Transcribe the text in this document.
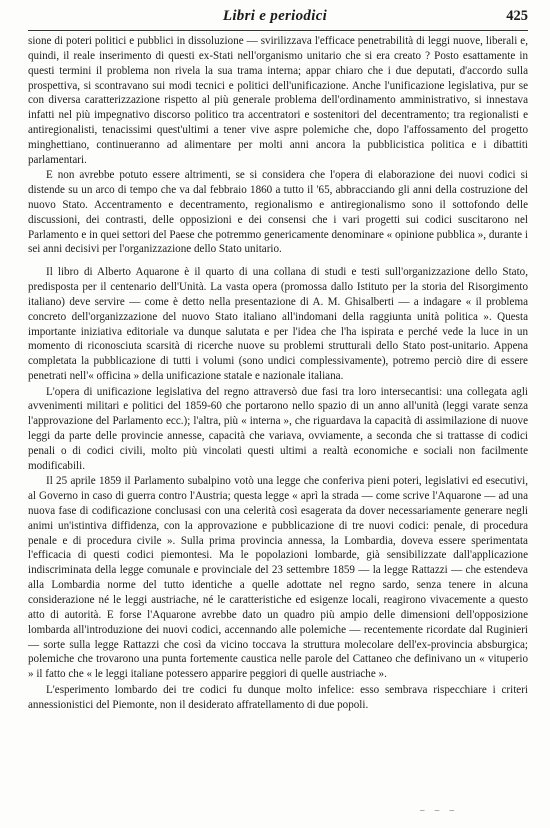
Libri e periodici	425

sione di poteri politici e pubblici in dissoluzione — svirilizzava l'efficace penetrabilità di leggi nuove, liberali e, quindi, il reale inserimento di questi ex-Stati nell'organismo unitario che si era creato ? Posto esattamente in questi termini il problema non rivela la sua trama interna; appar chiaro che i due deputati, d'accordo sulla prospettiva, si scontravano sui modi tecnici e politici dell'unificazione. Anche l'unificazione legislativa, pur se con diversa caratterizzazione rispetto al più generale problema dell'ordinamento amministrativo, si innestava infatti nel più impegnativo discorso politico tra accentratori e sostenitori del decentramento; tra regionalisti e antiregionalisti, tenacissimi quest'ultimi a tener vive aspre polemiche che, dopo l'affossamento del progetto minghettiano, continueranno ad alimentare per molti anni ancora la pubblicistica politica e i dibattiti parlamentari.

E non avrebbe potuto essere altrimenti, se si considera che l'opera di elaborazione dei nuovi codici si distende su un arco di tempo che va dal febbraio 1860 a tutto il '65, abbracciando gli anni della costruzione del nuovo Stato. Accentramento e decentramento, regionalismo e antiregionalismo sono il sottofondo delle discussioni, dei contrasti, delle opposizioni e dei consensi che i vari progetti sui codici suscitarono nel Parlamento e in quei settori del Paese che potremmo genericamente denominare « opinione pubblica », durante i sei anni decisivi per l'organizzazione dello Stato unitario.

Il libro di Alberto Aquarone è il quarto di una collana di studi e testi sull'organizzazione dello Stato, predisposta per il centenario dell'Unità. La vasta opera (promossa dallo Istituto per la storia del Risorgimento italiano) deve servire — come è detto nella presentazione di A. M. Ghisalberti — a indagare « il problema concreto dell'organizzazione del nuovo Stato italiano all'indomani della raggiunta unità politica ». Questa importante iniziativa editoriale va dunque salutata e per l'idea che l'ha ispirata e perché vede la luce in un momento di riconosciuta scarsità di ricerche nuove su problemi strutturali dello Stato post-unitario. Appena completata la pubblicazione di tutti i volumi (sono undici complessivamente), potremo perciò dire di essere penetrati nell'« officina » della unificazione statale e nazionale italiana.

L'opera di unificazione legislativa del regno attraversò due fasi tra loro intersecantisi: una collegata agli avvenimenti militari e politici del 1859-60 che portarono nello spazio di un anno all'unità (leggi varate senza l'approvazione del Parlamento ecc.); l'altra, più « interna », che riguardava la capacità di assimilazione di nuove leggi da parte delle provincie annesse, capacità che variava, ovviamente, a seconda che si trattasse di codici penali o di codici civili, molto più vincolati questi ultimi a realtà economiche e sociali non facilmente modificabili.

Il 25 aprile 1859 il Parlamento subalpino votò una legge che conferiva pieni poteri, legislativi ed esecutivi, al Governo in caso di guerra contro l'Austria; questa legge « aprì la strada — come scrive l'Aquarone — ad una nuova fase di codificazione conclusasi con una celerità così esagerata da dover necessariamente generare negli animi un'istintiva diffidenza, con la approvazione e pubblicazione di tre nuovi codici: penale, di procedura penale e di procedura civile ». Sulla prima provincia annessa, la Lombardia, doveva essere sperimentata l'efficacia di questi codici piemontesi. Ma le popolazioni lombarde, già sensibilizzate dall'applicazione indiscriminata della legge comunale e provinciale del 23 settembre 1859 — la legge Rattazzi — che estendeva alla Lombardia norme del tutto identiche a quelle adottate nel regno sardo, senza tenere in alcuna considerazione né le leggi austriache, né le caratteristiche ed esigenze locali, reagirono vivacemente a questo atto di autorità. E forse l'Aquarone avrebbe dato un quadro più ampio delle dimensioni dell'opposizione lombarda all'introduzione dei nuovi codici, accennando alle polemiche — recentemente ricordate dal Ruginieri — sorte sulla legge Rattazzi che così da vicino toccava la struttura molecolare dell'ex-provincia absburgica; polemiche che trovarono una punta fortemente caustica nelle parole del Cattaneo che definivano un « vituperio » il fatto che « le leggi italiane potessero apparire peggiori di quelle austriache ».

L'esperimento lombardo dei tre codici fu dunque molto infelice: esso sembrava rispecchiare i criteri annessionistici del Piemonte, non il desiderato affratellamento di due popoli.

– – –
